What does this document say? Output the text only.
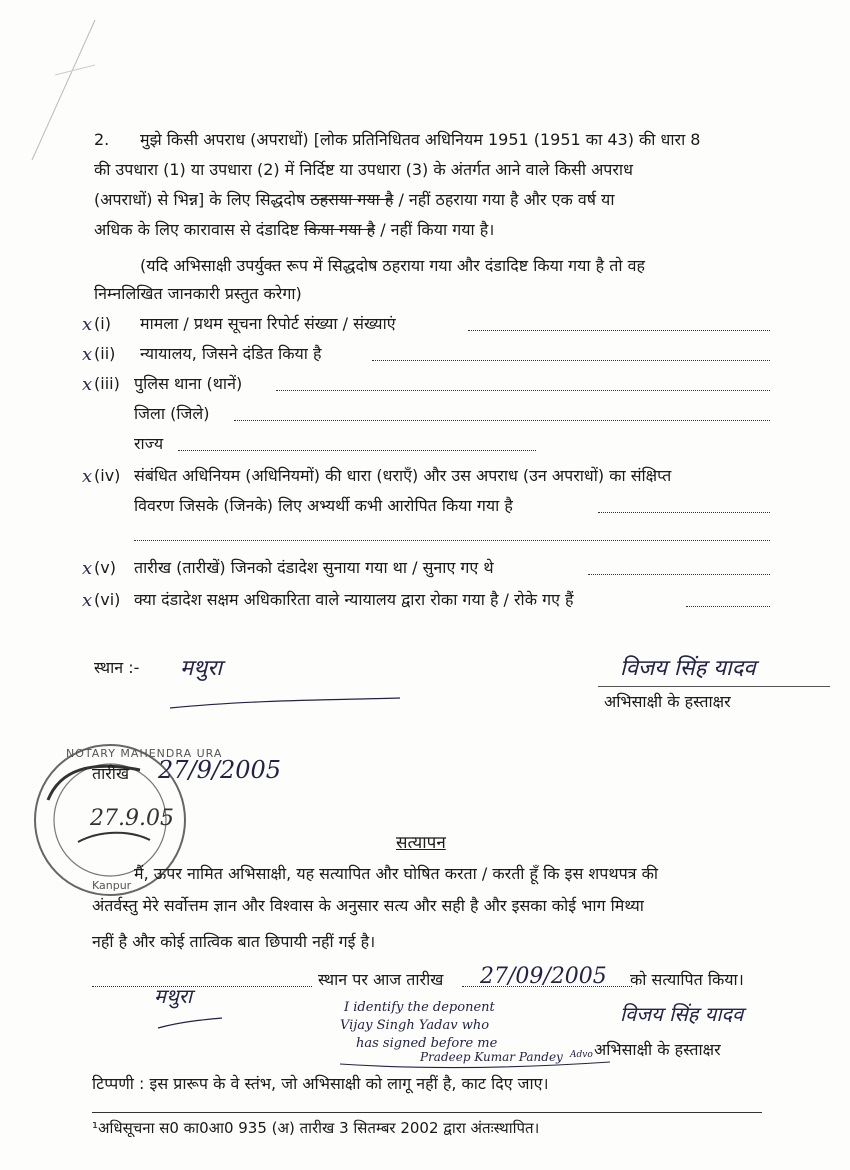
2. मुझे किसी अपराध (अपराधों) [लोक प्रतिनिधितव अधिनियम 1951 (1951 का 43) की धारा 8
की उपधारा (1) या उपधारा (2) में निर्दिष्ट या उपधारा (3) के अंतर्गत आने वाले किसी अपराध
(अपराधों) से भिन्न] के लिए सिद्धदोष ठहराया गया है / नहीं ठहराया गया है और एक वर्ष या
अधिक के लिए कारावास से दंडादिष्ट किया गया है / नहीं किया गया है।
(यदि अभिसाक्षी उपर्युक्त रूप में सिद्धदोष ठहराया गया और दंडादिष्ट किया गया है तो वह
निम्नलिखित जानकारी प्रस्तुत करेगा)
x (i) मामला / प्रथम सूचना रिपोर्ट संख्या / संख्याएं
x (ii) न्यायालय, जिसने दंडित किया है
x (iii) पुलिस थाना (थानें)
जिला (जिले)
राज्य
x (iv) संबंधित अधिनियम (अधिनियमों) की धारा (धराएँ) और उस अपराध (उन अपराधों) का संक्षिप्त
विवरण जिसके (जिनके) लिए अभ्यर्थी कभी आरोपित किया गया है
x (v) तारीख (तारीखें) जिनको दंडादेश सुनाया गया था / सुनाए गए थे
x (vi) क्या दंडादेश सक्षम अधिकारिता वाले न्यायालय द्वारा रोका गया है / रोके गए हैं
स्थान :- मथुरा	विजय सिंह यादव
अभिसाक्षी के हस्ताक्षर
NOTARY MAHENDRA URA
Kanpur
27.9.05
तारीख 27/9/2005
सत्यापन
मैं, ऊपर नामित अभिसाक्षी, यह सत्यापित और घोषित करता / करती हूँ कि इस शपथपत्र की
अंतर्वस्तु मेरे सर्वोत्तम ज्ञान और विश्वास के अनुसार सत्य और सही है और इसका कोई भाग मिथ्या
नहीं है और कोई तात्विक बात छिपायी नहीं गई है।
स्थान पर आज तारीख 27/09/2005 को सत्यापित किया।
मथुरा
विजय सिंह यादव
अभिसाक्षी के हस्ताक्षर
I identify the deponent
Vijay Singh Yadav who
has signed before me
Pradeep Kumar Pandey Advo
टिप्पणी : इस प्रारूप के वे स्तंभ, जो अभिसाक्षी को लागू नहीं है, काट दिए जाए।
¹अधिसूचना स0 का0आ0 935 (अ) तारीख 3 सितम्बर 2002 द्वारा अंतःस्थापित।
